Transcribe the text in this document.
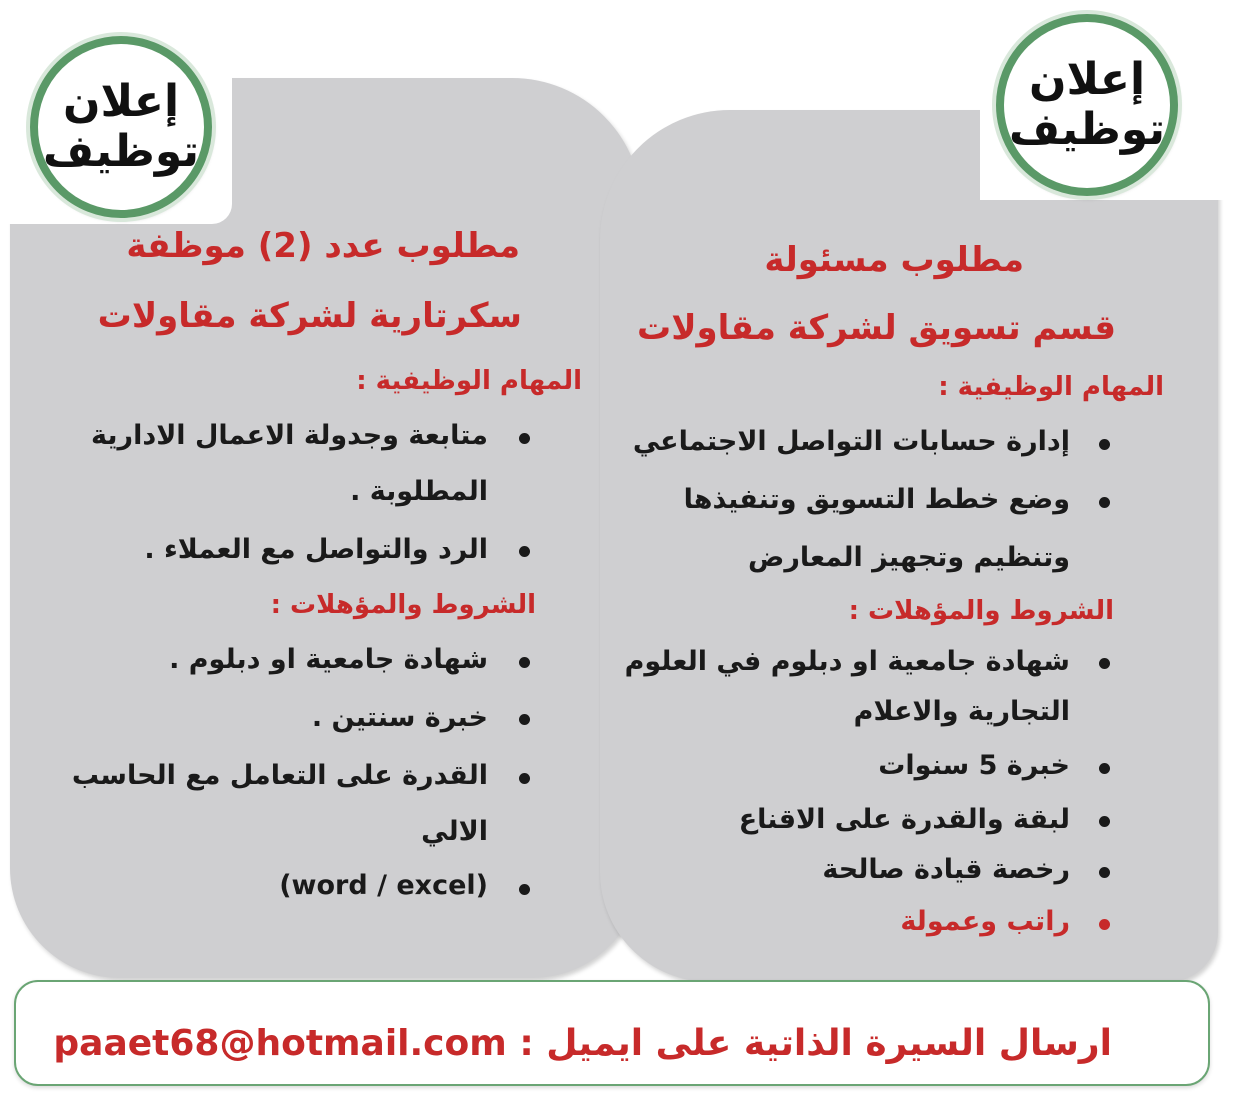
إعلان
توظيف
إعلان
توظيف
مطلوب عدد (2) موظفة
سكرتارية لشركة مقاولات
المهام الوظيفية :
متابعة وجدولة الاعمال الادارية
المطلوبة .
الرد والتواصل مع العملاء .
الشروط والمؤهلات :
شهادة جامعية او دبلوم .
خبرة سنتين .
القدرة على التعامل مع الحاسب
الالي
(word / excel)
مطلوب مسئولة
قسم تسويق لشركة مقاولات
المهام الوظيفية :
إدارة حسابات التواصل الاجتماعي
وضع خطط التسويق وتنفيذها
وتنظيم وتجهيز المعارض
الشروط والمؤهلات :
شهادة جامعية او دبلوم في العلوم
التجارية والاعلام
خبرة 5 سنوات
لبقة والقدرة على الاقناع
رخصة قيادة صالحة
راتب وعمولة
ارسال السيرة الذاتية على ايميل : paaet68@hotmail.com
